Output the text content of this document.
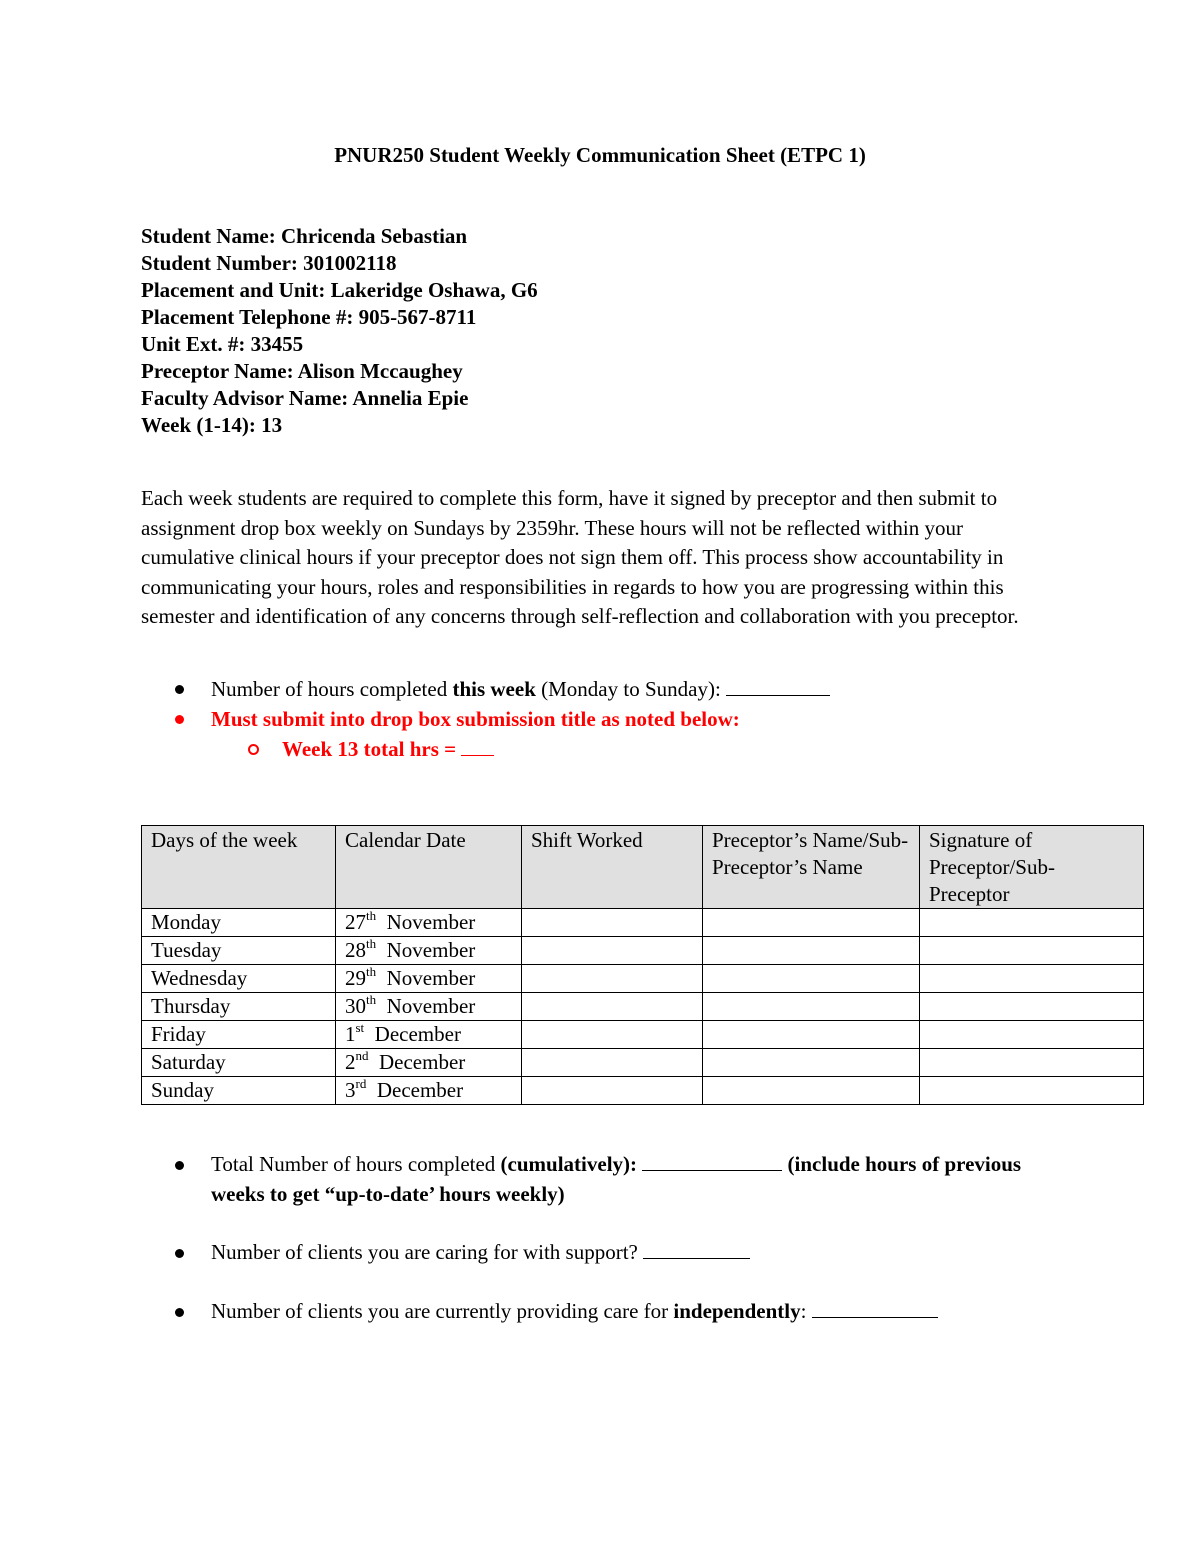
PNUR250 Student Weekly Communication Sheet (ETPC 1)
Student Name: Chricenda Sebastian
Student Number: 301002118
Placement and Unit: Lakeridge Oshawa, G6
Placement Telephone #: 905-567-8711
Unit Ext. #: 33455
Preceptor Name: Alison Mccaughey
Faculty Advisor Name: Annelia Epie
Week (1-14): 13
Each week students are required to complete this form, have it signed by preceptor and then submit to assignment drop box weekly on Sundays by 2359hr. These hours will not be reflected within your cumulative clinical hours if your preceptor does not sign them off. This process show accountability in communicating your hours, roles and responsibilities in regards to how you are progressing within this semester and identification of any concerns through self-reflection and collaboration with you preceptor.
Number of hours completed this week (Monday to Sunday):
Must submit into drop box submission title as noted below:
Week 13 total hrs =
Days of the week	Calendar Date	Shift Worked	Preceptor’s Name/Sub-Preceptor’s Name	Signature of Preceptor/Sub-Preceptor
Monday	27th November			
Tuesday	28th November			
Wednesday	29th November			
Thursday	30th November			
Friday	1st December			
Saturday	2nd December			
Sunday	3rd December			
Total Number of hours completed (cumulatively):	(include hours of previous weeks to get “up-to-date’ hours weekly)
Number of clients you are caring for with support?
Number of clients you are currently providing care for independently:
